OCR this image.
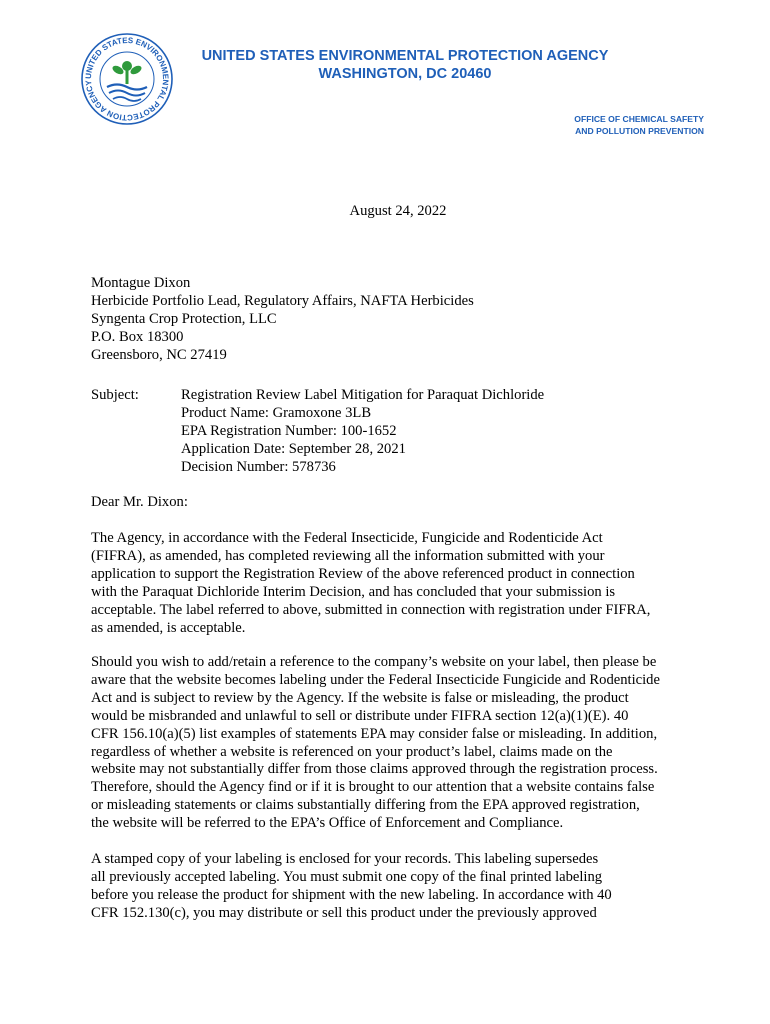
UNITED STATES ENVIRONMENTAL PROTECTION AGENCY
UNITED STATES ENVIRONMENTAL PROTECTION AGENCY
WASHINGTON, DC 20460
OFFICE OF CHEMICAL SAFETY
AND POLLUTION PREVENTION
August 24, 2022
Montague Dixon
Herbicide Portfolio Lead, Regulatory Affairs, NAFTA Herbicides
Syngenta Crop Protection, LLC
P.O. Box 18300
Greensboro, NC 27419
Subject:	Registration Review Label Mitigation for Paraquat Dichloride
Product Name: Gramoxone 3LB
EPA Registration Number: 100-1652
Application Date: September 28, 2021
Decision Number: 578736
Dear Mr. Dixon:
The Agency, in accordance with the Federal Insecticide, Fungicide and Rodenticide Act
(FIFRA), as amended, has completed reviewing all the information submitted with your
application to support the Registration Review of the above referenced product in connection
with the Paraquat Dichloride Interim Decision, and has concluded that your submission is
acceptable. The label referred to above, submitted in connection with registration under FIFRA,
as amended, is acceptable.
Should you wish to add/retain a reference to the company’s website on your label, then please be
aware that the website becomes labeling under the Federal Insecticide Fungicide and Rodenticide
Act and is subject to review by the Agency. If the website is false or misleading, the product
would be misbranded and unlawful to sell or distribute under FIFRA section 12(a)(1)(E). 40
CFR 156.10(a)(5) list examples of statements EPA may consider false or misleading. In addition,
regardless of whether a website is referenced on your product’s label, claims made on the
website may not substantially differ from those claims approved through the registration process.
Therefore, should the Agency find or if it is brought to our attention that a website contains false
or misleading statements or claims substantially differing from the EPA approved registration,
the website will be referred to the EPA’s Office of Enforcement and Compliance.
A stamped copy of your labeling is enclosed for your records. This labeling supersedes
all previously accepted labeling. You must submit one copy of the final printed labeling
before you release the product for shipment with the new labeling. In accordance with 40
CFR 152.130(c), you may distribute or sell this product under the previously approved
